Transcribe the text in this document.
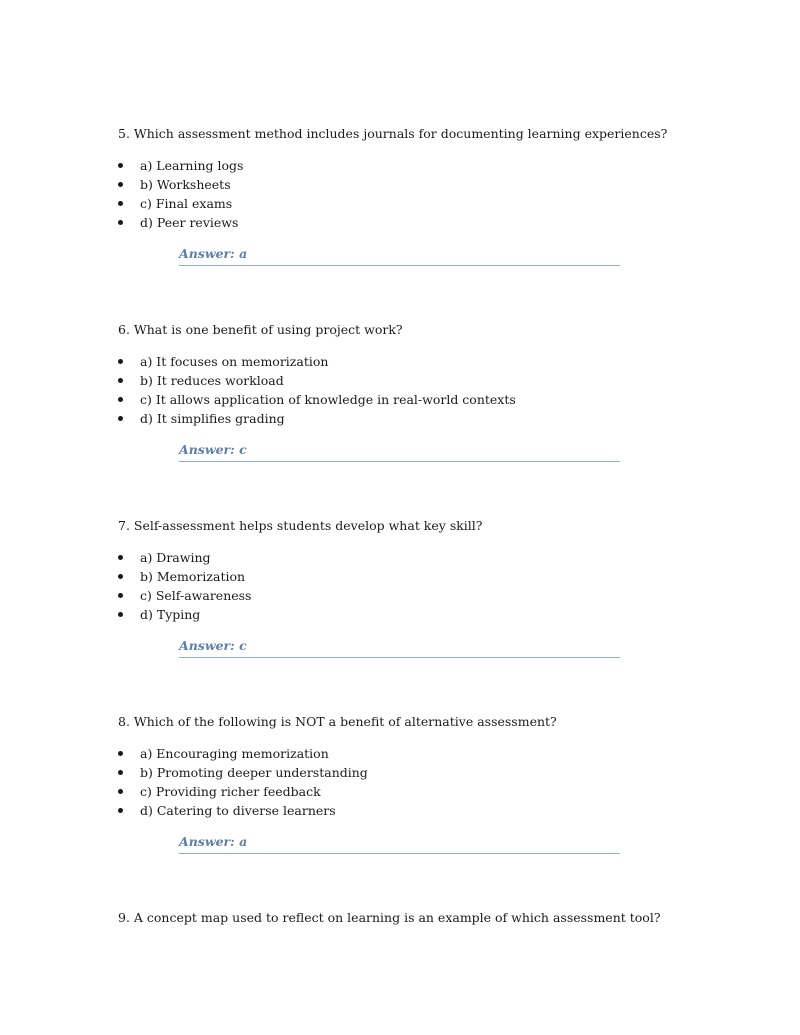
5. Which assessment method includes journals for documenting learning experiences?

a) Learning logs
b) Worksheets
c) Final exams
d) Peer reviews
Answer: a

6. What is one benefit of using project work?

a) It focuses on memorization
b) It reduces workload
c) It allows application of knowledge in real-world contexts
d) It simplifies grading
Answer: c

7. Self-assessment helps students develop what key skill?

a) Drawing
b) Memorization
c) Self-awareness
d) Typing
Answer: c

8. Which of the following is NOT a benefit of alternative assessment?

a) Encouraging memorization
b) Promoting deeper understanding
c) Providing richer feedback
d) Catering to diverse learners
Answer: a

9. A concept map used to reflect on learning is an example of which assessment tool?
